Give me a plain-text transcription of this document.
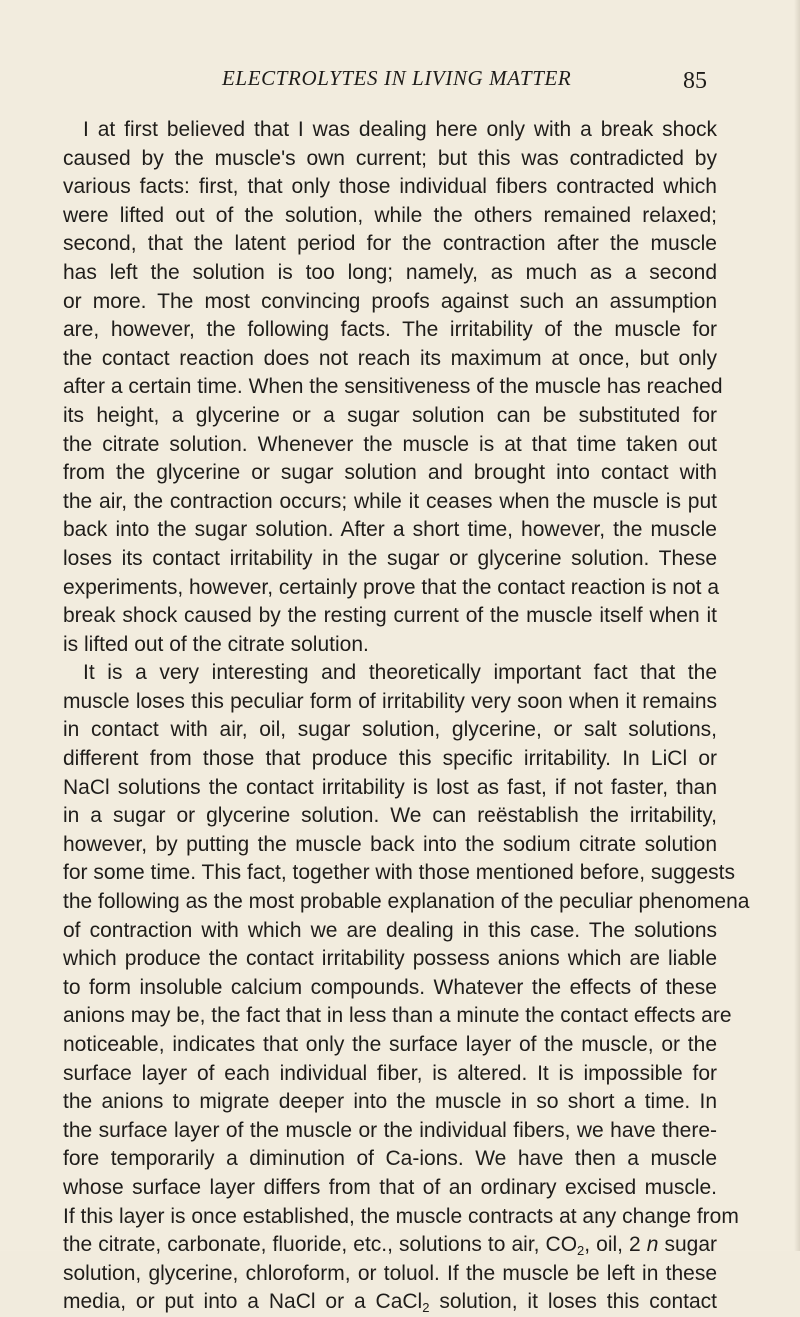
ELECTROLYTES IN LIVING MATTER	85
I at first believed that I was dealing here only with a break shock
caused by the muscle's own current; but this was contradicted by
various facts: first, that only those individual fibers contracted which
were lifted out of the solution, while the others remained relaxed;
second, that the latent period for the contraction after the muscle
has left the solution is too long; namely, as much as a second
or more. The most convincing proofs against such an assumption
are, however, the following facts. The irritability of the muscle for
the contact reaction does not reach its maximum at once, but only
after a certain time. When the sensitiveness of the muscle has reached
its height, a glycerine or a sugar solution can be substituted for
the citrate solution. Whenever the muscle is at that time taken out
from the glycerine or sugar solution and brought into contact with
the air, the contraction occurs; while it ceases when the muscle is put
back into the sugar solution. After a short time, however, the muscle
loses its contact irritability in the sugar or glycerine solution. These
experiments, however, certainly prove that the contact reaction is not a
break shock caused by the resting current of the muscle itself when it
is lifted out of the citrate solution.
It is a very interesting and theoretically important fact that the
muscle loses this peculiar form of irritability very soon when it remains
in contact with air, oil, sugar solution, glycerine, or salt solutions,
different from those that produce this specific irritability. In LiCl or
NaCl solutions the contact irritability is lost as fast, if not faster, than
in a sugar or glycerine solution. We can reëstablish the irritability,
however, by putting the muscle back into the sodium citrate solution
for some time. This fact, together with those mentioned before, suggests
the following as the most probable explanation of the peculiar phenomena
of contraction with which we are dealing in this case. The solutions
which produce the contact irritability possess anions which are liable
to form insoluble calcium compounds. Whatever the effects of these
anions may be, the fact that in less than a minute the contact effects are
noticeable, indicates that only the surface layer of the muscle, or the
surface layer of each individual fiber, is altered. It is impossible for
the anions to migrate deeper into the muscle in so short a time. In
the surface layer of the muscle or the individual fibers, we have there-
fore temporarily a diminution of Ca-ions. We have then a muscle
whose surface layer differs from that of an ordinary excised muscle.
If this layer is once established, the muscle contracts at any change from
the citrate, carbonate, fluoride, etc., solutions to air, $CO_2$, oil, 2 n sugar
solution, glycerine, chloroform, or toluol. If the muscle be left in these
media, or put into a NaCl or a CaCl$_2$ solution, it loses this contact
